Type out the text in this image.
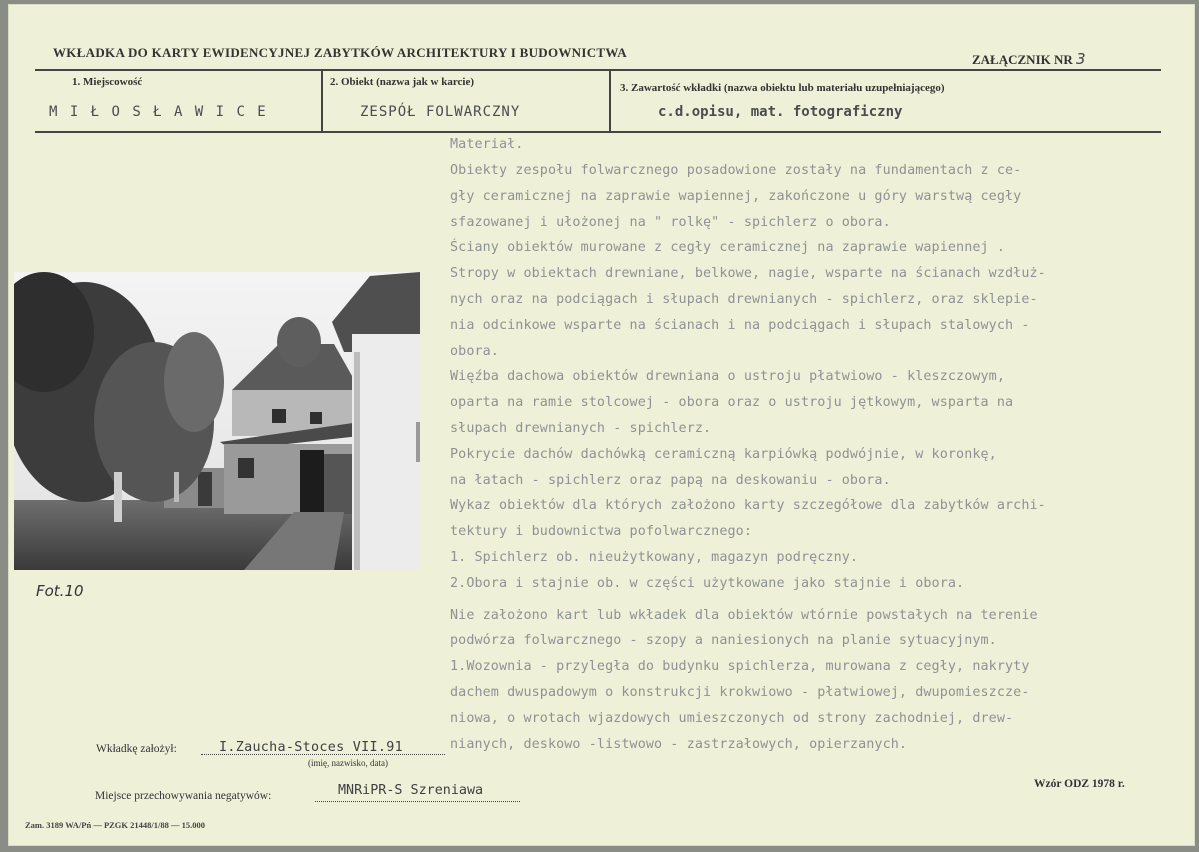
WKŁADKA DO KARTY EWIDENCYJNEJ ZABYTKÓW ARCHITEKTURY I BUDOWNICTWA	ZAŁĄCZNIK NR 3
1. Miejscowość
MIŁOSŁAWICE
2. Obiekt (nazwa jak w karcie)
ZESPÓŁ FOLWARCZNY
3. Zawartość wkładki (nazwa obiektu lub materiału uzupełniającego)
c.d.opisu, mat. fotograficzny
Materiał.
Obiekty zespołu folwarcznego posadowione zostały na fundamentach z ce-
gły ceramicznej na zaprawie wapiennej, zakończone u góry warstwą cegły
sfazowanej i ułożonej na " rolkę" - spichlerz o obora.
Ściany obiektów murowane z cegły ceramicznej na zaprawie wapiennej .
Stropy w obiektach drewniane, belkowe, nagie, wsparte na ścianach wzdłuż-
nych oraz na podciągach i słupach drewnianych - spichlerz, oraz sklepie-
nia odcinkowe wsparte na ścianach i na podciągach i słupach stalowych -
obora.
Więźba dachowa obiektów drewniana o ustroju płatwiowo - kleszczowym,
oparta na ramie stolcowej - obora oraz o ustroju jętkowym, wsparta na
słupach drewnianych - spichlerz.
Pokrycie dachów dachówką ceramiczną karpiówką podwójnie, w koronkę,
na łatach - spichlerz oraz papą na deskowaniu - obora.
Wykaz obiektów dla których założono karty szczegółowe dla zabytków archi-
tektury i budownictwa pofolwarcznego:
1. Spichlerz ob. nieużytkowany, magazyn podręczny.
2.Obora i stajnie ob. w części użytkowane jako stajnie i obora.
Nie założono kart lub wkładek dla obiektów wtórnie powstałych na terenie
podwórza folwarcznego - szopy a naniesionych na planie sytuacyjnym.
1.Wozownia - przyległa do budynku spichlerza, murowana z cegły, nakryty
dachem dwuspadowym o konstrukcji krokwiowo - płatwiowej, dwupomieszcze-
niowa, o wrotach wjazdowych umieszczonych od strony zachodniej, drew-
nianych, deskowo -listwowo - zastrzałowych, opierzanych.
Fot.10
Wkładkę założył:	I.Zaucha-Stoces VII.91
(imię, nazwisko, data)
Miejsce przechowywania negatywów:	MNRiPR-S Szreniawa	Wzór ODZ 1978 r.
Zam. 3189 WA/Pń — PZGK 21448/1/88 — 15.000
